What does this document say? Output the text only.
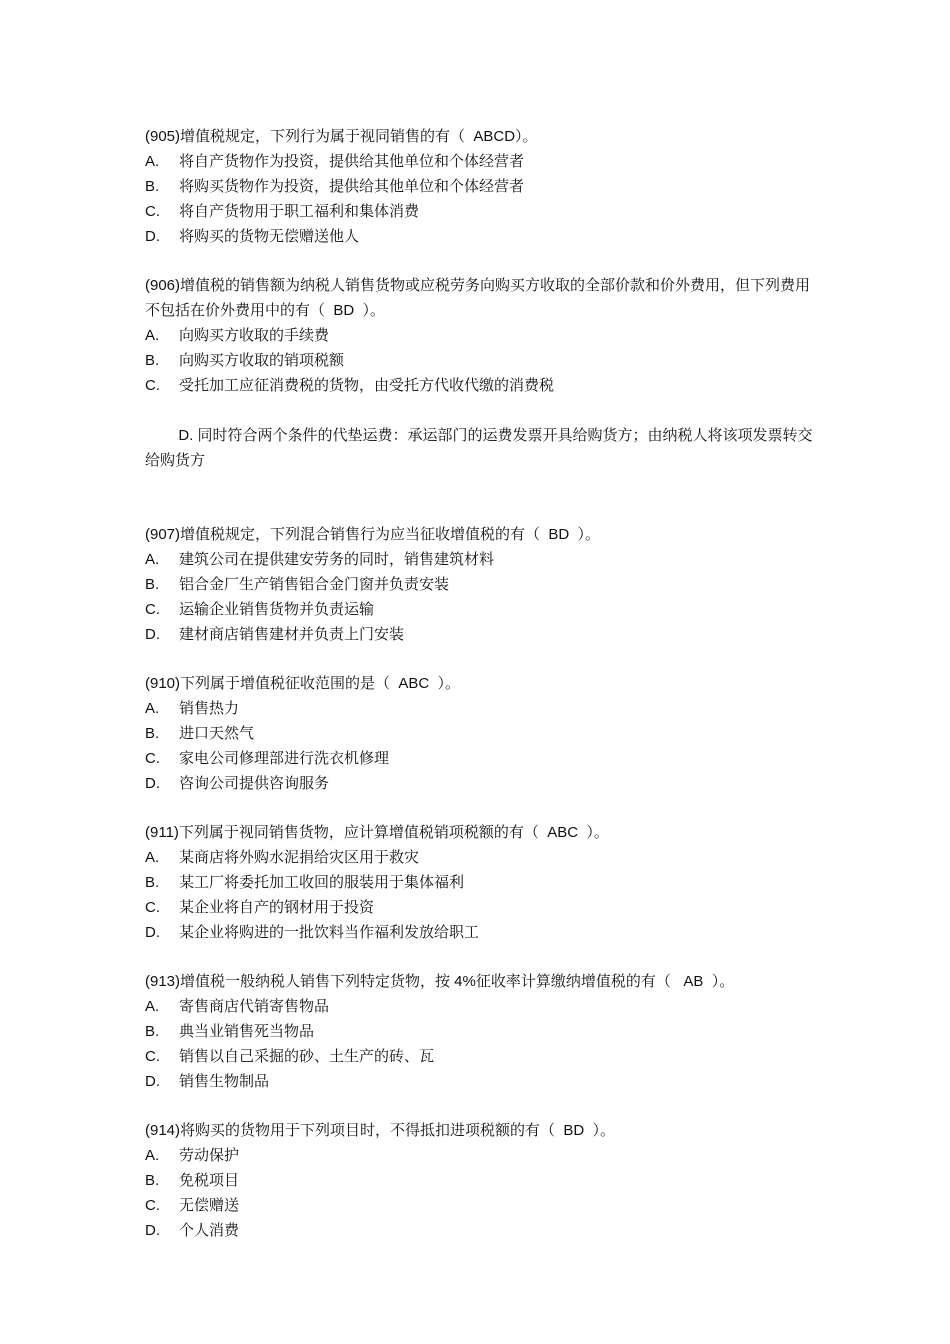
(905)增值税规定，下列行为属于视同销售的有（  ABCD）。
A.	将自产货物作为投资，提供给其他单位和个体经营者
B.	将购买货物作为投资，提供给其他单位和个体经营者
C.	将自产货物用于职工福利和集体消费
D.	将购买的货物无偿赠送他人
(906)增值税的销售额为纳税人销售货物或应税劳务向购买方收取的全部价款和价外费用，但下列费用不包括在价外费用中的有（  BD  ）。
A.	向购买方收取的手续费
B.	向购买方收取的销项税额
C.	受托加工应征消费税的货物，由受托方代收代缴的消费税

D. 同时符合两个条件的代垫运费：承运部门的运费发票开具给购货方；由纳税人将该项发票转交给购货方

(907)增值税规定，下列混合销售行为应当征收增值税的有（  BD  ）。
A.	建筑公司在提供建安劳务的同时，销售建筑材料
B.	铝合金厂生产销售铝合金门窗并负责安装
C.	运输企业销售货物并负责运输
D.	建材商店销售建材并负责上门安装
(910)下列属于增值税征收范围的是（  ABC  ）。
A.	销售热力
B.	进口天然气
C.	家电公司修理部进行洗衣机修理
D.	咨询公司提供咨询服务
(911)下列属于视同销售货物，应计算增值税销项税额的有（  ABC  ）。
A.	某商店将外购水泥捐给灾区用于救灾
B.	某工厂将委托加工收回的服装用于集体福利
C.	某企业将自产的钢材用于投资
D.	某企业将购进的一批饮料当作福利发放给职工
(913)增值税一般纳税人销售下列特定货物，按 4%征收率计算缴纳增值税的有（   AB  ）。
A.	寄售商店代销寄售物品
B.	典当业销售死当物品
C.	销售以自己采掘的砂、土生产的砖、瓦
D.	销售生物制品
(914)将购买的货物用于下列项目时，不得抵扣进项税额的有（  BD  ）。
A.	劳动保护
B.	免税项目
C.	无偿赠送
D.	个人消费
